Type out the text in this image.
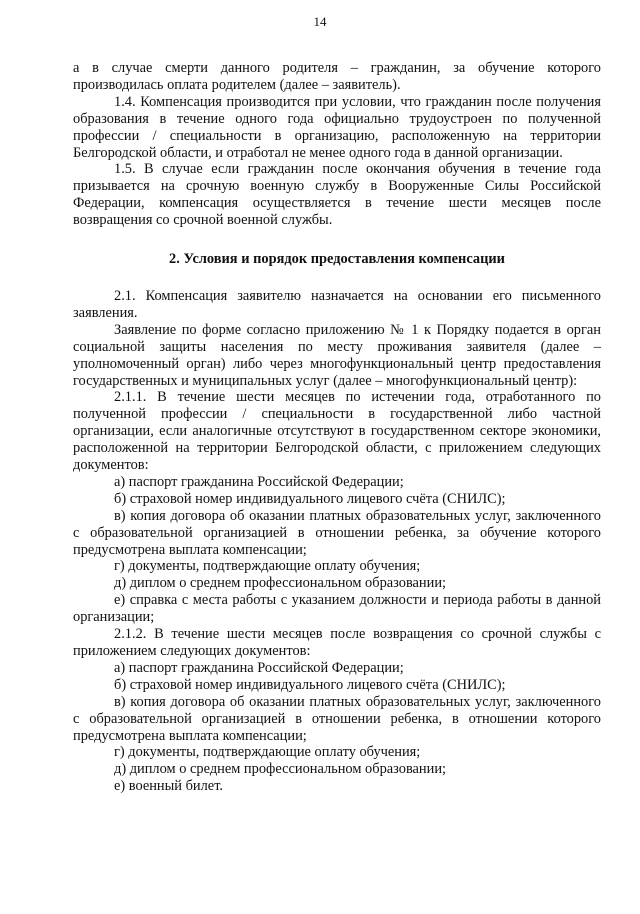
14

а в случае смерти данного родителя – гражданин, за обучение которого производилась оплата родителем (далее – заявитель).

1.4. Компенсация производится при условии, что гражданин после получения образования в течение одного года официально трудоустроен по полученной профессии / специальности в организацию, расположенную на территории Белгородской области, и отработал не менее одного года в данной организации.

1.5. В случае если гражданин после окончания обучения в течение года призывается на срочную военную службу в Вооруженные Силы Российской Федерации, компенсация осуществляется в течение шести месяцев после возвращения со срочной военной службы.

2. Условия и порядок предоставления компенсации

2.1. Компенсация заявителю назначается на основании его письменного заявления.

Заявление по форме согласно приложению № 1 к Порядку подается в орган социальной защиты населения по месту проживания заявителя (далее – уполномоченный орган) либо через многофункциональный центр предоставления государственных и муниципальных услуг (далее – многофункциональный центр):

2.1.1. В течение шести месяцев по истечении года, отработанного по полученной профессии / специальности в государственной либо частной организации, если аналогичные отсутствуют в государственном секторе экономики, расположенной на территории Белгородской области, с приложением следующих документов:

а) паспорт гражданина Российской Федерации;

б) страховой номер индивидуального лицевого счёта (СНИЛС);

в) копия договора об оказании платных образовательных услуг, заключенного с образовательной организацией в отношении ребенка, за обучение которого предусмотрена выплата компенсации;

г) документы, подтверждающие оплату обучения;

д) диплом о среднем профессиональном образовании;

е) справка с места работы с указанием должности и периода работы в данной организации;

2.1.2. В течение шести месяцев после возвращения со срочной службы с приложением следующих документов:

а) паспорт гражданина Российской Федерации;

б) страховой номер индивидуального лицевого счёта (СНИЛС);

в) копия договора об оказании платных образовательных услуг, заключенного с образовательной организацией в отношении ребенка, в отношении которого предусмотрена выплата компенсации;

г) документы, подтверждающие оплату обучения;

д) диплом о среднем профессиональном образовании;

е) военный билет.
